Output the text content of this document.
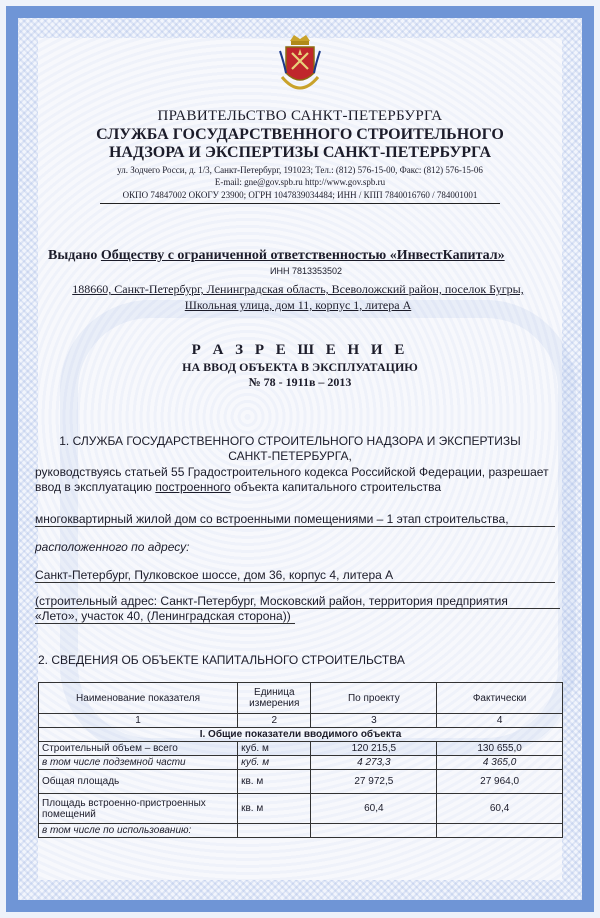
ПРАВИТЕЛЬСТВО САНКТ-ПЕТЕРБУРГА
СЛУЖБА ГОСУДАРСТВЕННОГО СТРОИТЕЛЬНОГО
НАДЗОРА И ЭКСПЕРТИЗЫ САНКТ-ПЕТЕРБУРГА
ул. Зодчего Росси, д. 1/3, Санкт-Петербург, 191023; Тел.: (812) 576-15-00, Факс: (812) 576-15-06
E-mail: gne@gov.spb.ru http://www.gov.spb.ru
ОКПО 74847002 ОКОГУ 23900; ОГРН 1047839034484; ИНН / КПП 7840016760 / 784001001
Выдано Обществу с ограниченной ответственностью «ИнвестКапитал»
ИНН 7813353502
188660, Санкт-Петербург, Ленинградская область, Всеволожский район, поселок Бугры,
Школьная улица, дом 11, корпус 1, литера А
Р А З Р Е Ш Е Н И Е
НА ВВОД ОБЪЕКТА В ЭКСПЛУАТАЦИЮ
№ 78 - 1911в – 2013
1. СЛУЖБА ГОСУДАРСТВЕННОГО СТРОИТЕЛЬНОГО НАДЗОРА И ЭКСПЕРТИЗЫ
САНКТ-ПЕТЕРБУРГА,
руководствуясь статьей 55 Градостроительного кодекса Российской Федерации, разрешает
ввод в эксплуатацию построенного объекта капитального строительства
многоквартирный жилой дом со встроенными помещениями – 1 этап строительства,
расположенного по адресу:
Санкт-Петербург, Пулковское шоссе, дом 36, корпус 4, литера А
(строительный адрес: Санкт-Петербург, Московский район, территория предприятия
«Лето», участок 40, (Ленинградская сторона))
2. СВЕДЕНИЯ ОБ ОБЪЕКТЕ КАПИТАЛЬНОГО СТРОИТЕЛЬСТВА
Наименование показателя	Единица измерения	По проекту	Фактически
1	2	3	4
I. Общие показатели вводимого объекта			
Строительный объем – всего	куб. м	120 215,5	130 655,0
в том числе подземной части	куб. м	4 273,3	4 365,0
Общая площадь	кв. м	27 972,5	27 964,0
Площадь встроенно-пристроенных помещений	кв. м	60,4	60,4
в том числе по использованию:			
